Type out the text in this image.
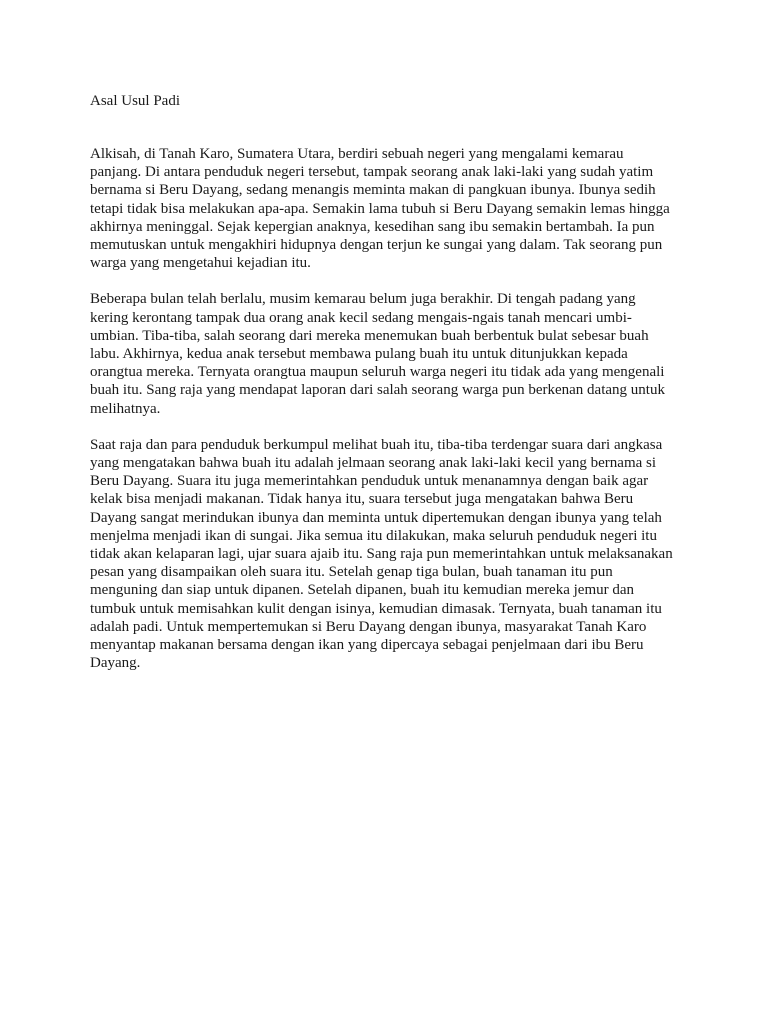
Asal Usul Padi

Alkisah, di Tanah Karo, Sumatera Utara, berdiri sebuah negeri yang mengalami kemarau
panjang. Di antara penduduk negeri tersebut, tampak seorang anak laki-laki yang sudah yatim
bernama si Beru Dayang, sedang menangis meminta makan di pangkuan ibunya. Ibunya sedih
tetapi tidak bisa melakukan apa-apa. Semakin lama tubuh si Beru Dayang semakin lemas hingga
akhirnya meninggal. Sejak kepergian anaknya, kesedihan sang ibu semakin bertambah. Ia pun
memutuskan untuk mengakhiri hidupnya dengan terjun ke sungai yang dalam. Tak seorang pun
warga yang mengetahui kejadian itu.

Beberapa bulan telah berlalu, musim kemarau belum juga berakhir. Di tengah padang yang
kering kerontang tampak dua orang anak kecil sedang mengais-ngais tanah mencari umbi-
umbian. Tiba-tiba, salah seorang dari mereka menemukan buah berbentuk bulat sebesar buah
labu. Akhirnya, kedua anak tersebut membawa pulang buah itu untuk ditunjukkan kepada
orangtua mereka. Ternyata orangtua maupun seluruh warga negeri itu tidak ada yang mengenali
buah itu. Sang raja yang mendapat laporan dari salah seorang warga pun berkenan datang untuk
melihatnya.

Saat raja dan para penduduk berkumpul melihat buah itu, tiba-tiba terdengar suara dari angkasa
yang mengatakan bahwa buah itu adalah jelmaan seorang anak laki-laki kecil yang bernama si
Beru Dayang. Suara itu juga memerintahkan penduduk untuk menanamnya dengan baik agar
kelak bisa menjadi makanan. Tidak hanya itu, suara tersebut juga mengatakan bahwa Beru
Dayang sangat merindukan ibunya dan meminta untuk dipertemukan dengan ibunya yang telah
menjelma menjadi ikan di sungai. Jika semua itu dilakukan, maka seluruh penduduk negeri itu
tidak akan kelaparan lagi, ujar suara ajaib itu. Sang raja pun memerintahkan untuk melaksanakan
pesan yang disampaikan oleh suara itu. Setelah genap tiga bulan, buah tanaman itu pun
menguning dan siap untuk dipanen. Setelah dipanen, buah itu kemudian mereka jemur dan
tumbuk untuk memisahkan kulit dengan isinya, kemudian dimasak. Ternyata, buah tanaman itu
adalah padi. Untuk mempertemukan si Beru Dayang dengan ibunya, masyarakat Tanah Karo
menyantap makanan bersama dengan ikan yang dipercaya sebagai penjelmaan dari ibu Beru
Dayang.
